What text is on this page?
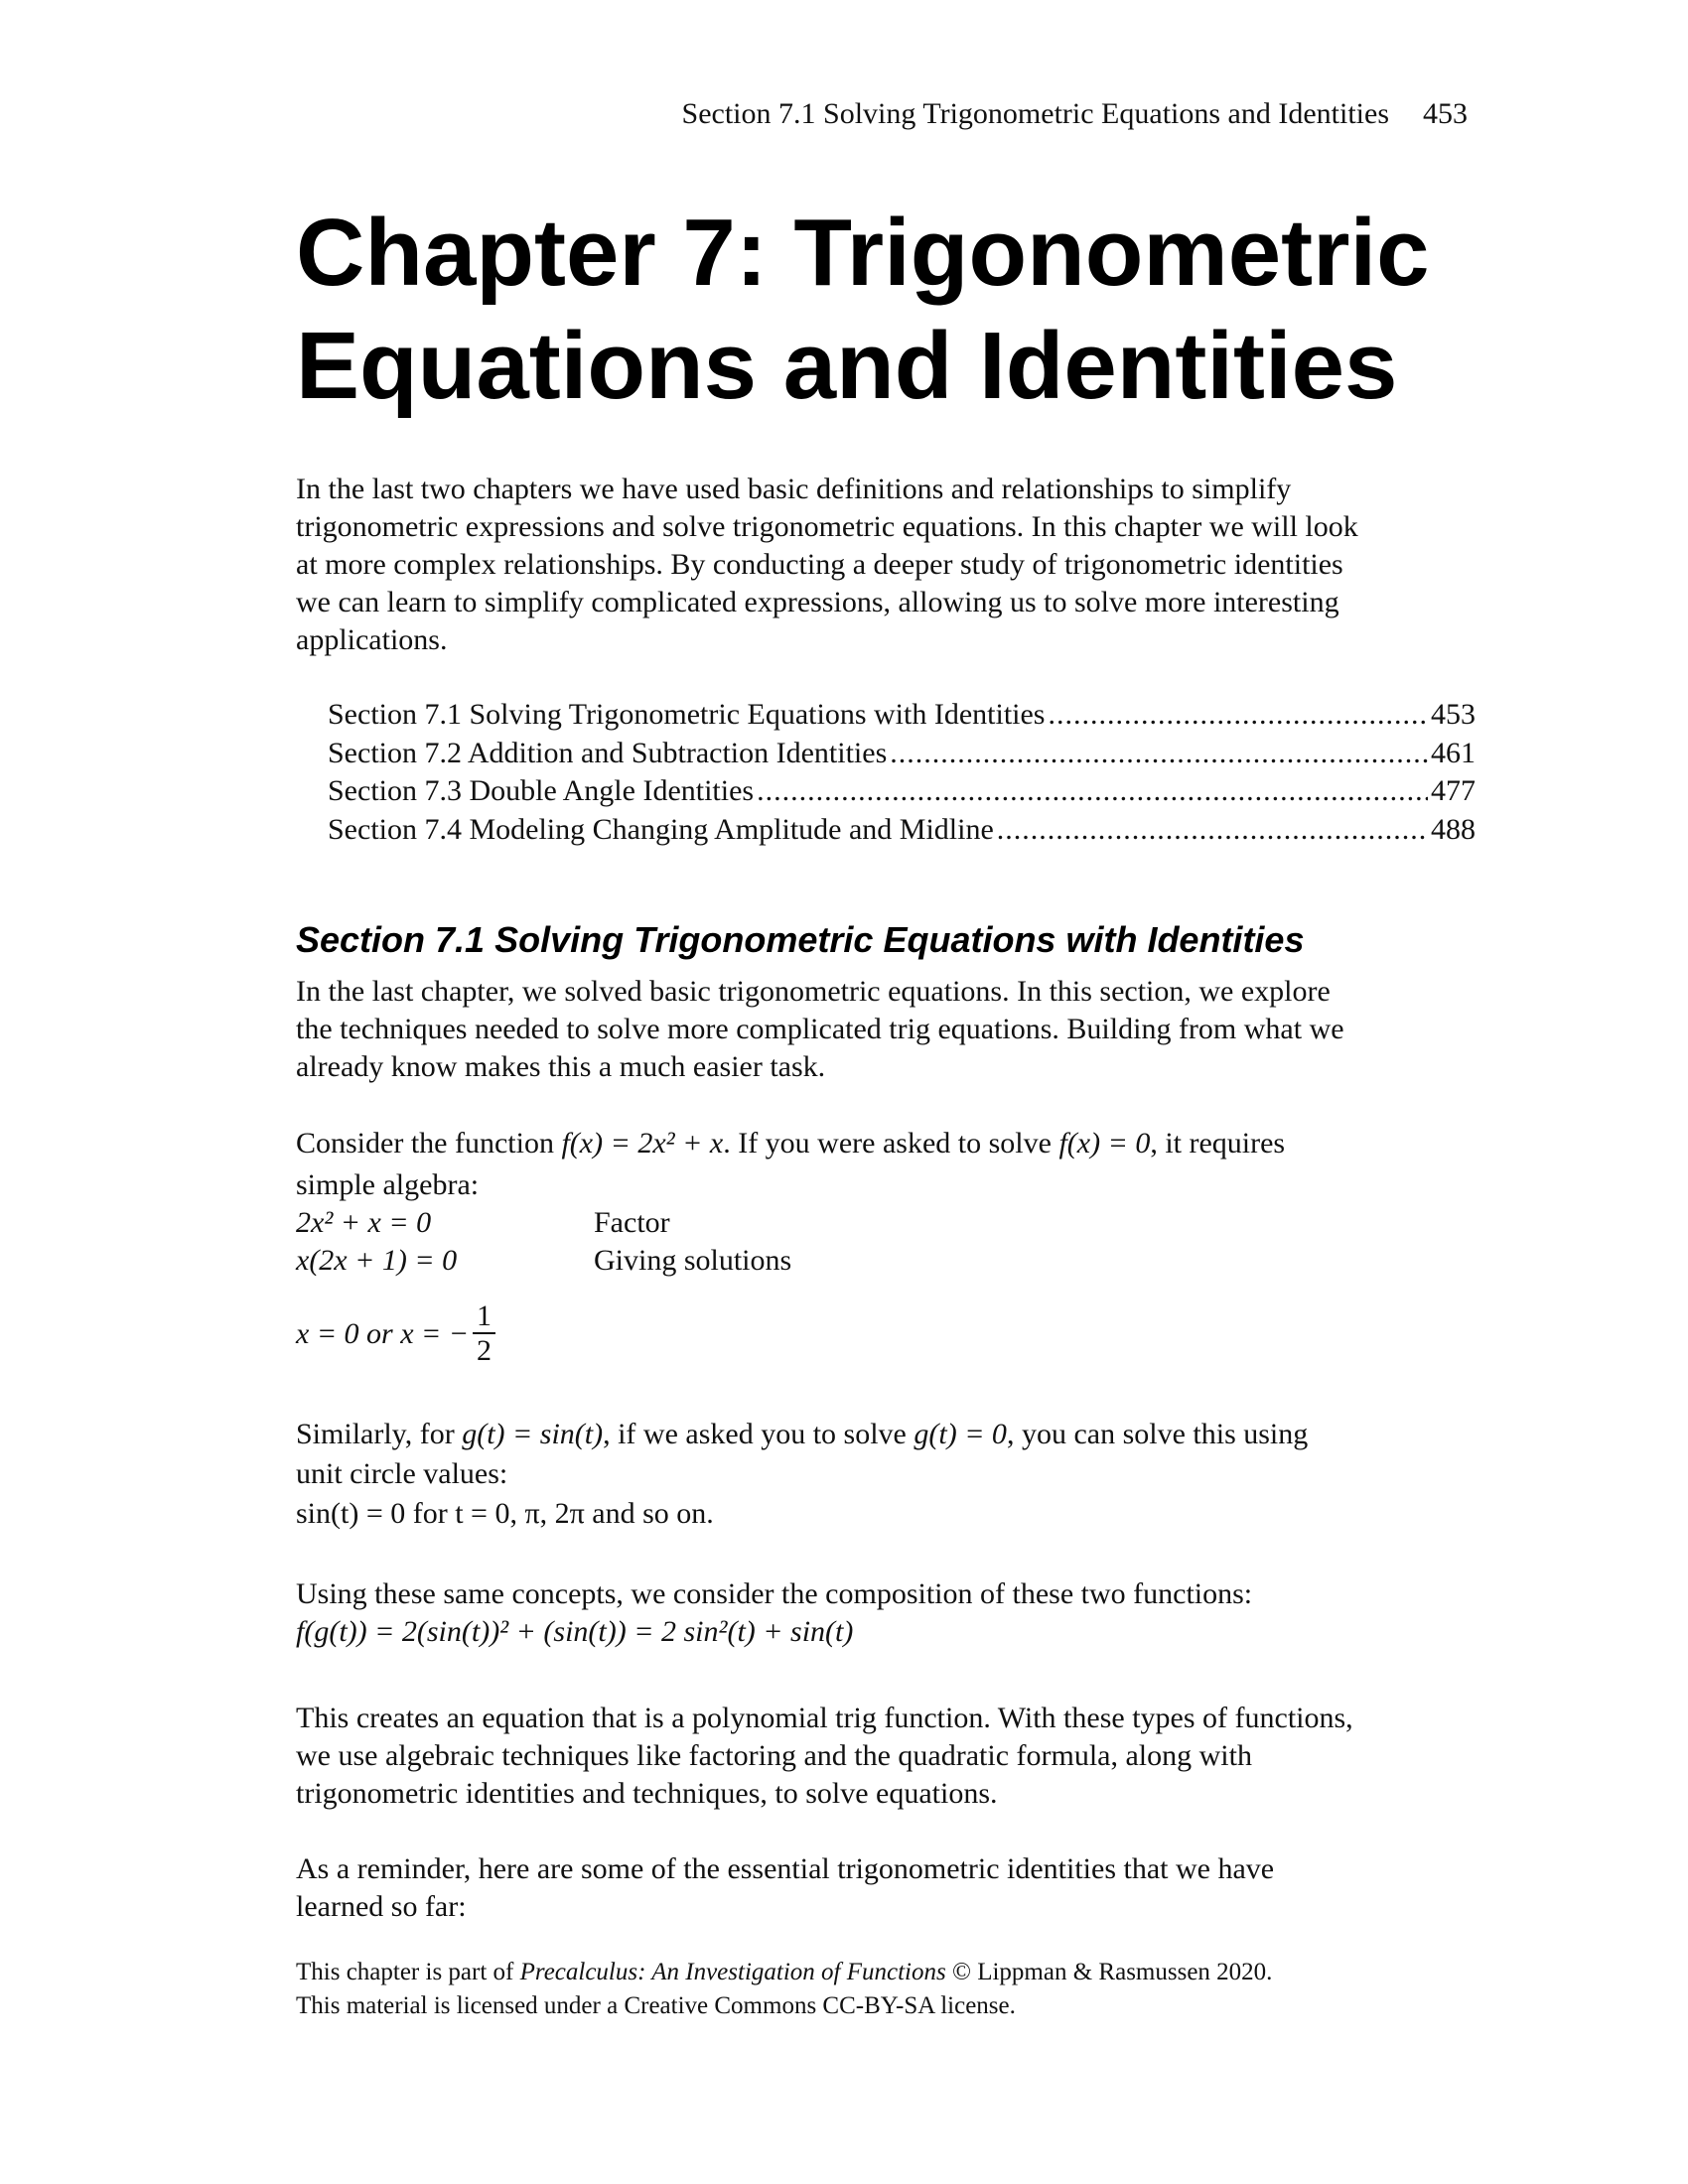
Section 7.1 Solving Trigonometric Equations and Identities 453
Chapter 7: Trigonometric
Equations and Identities
In the last two chapters we have used basic definitions and relationships to simplify
trigonometric expressions and solve trigonometric equations. In this chapter we will look
at more complex relationships. By conducting a deeper study of trigonometric identities
we can learn to simplify complicated expressions, allowing us to solve more interesting
applications.
Section 7.1 Solving Trigonometric Equations with Identities .....	453
Section 7.2 Addition and Subtraction Identities .....	461
Section 7.3 Double Angle Identities .....	477
Section 7.4 Modeling Changing Amplitude and Midline .....	488
Section 7.1 Solving Trigonometric Equations with Identities
In the last chapter, we solved basic trigonometric equations. In this section, we explore
the techniques needed to solve more complicated trig equations. Building from what we
already know makes this a much easier task.
Consider the function f(x) = 2x² + x. If you were asked to solve f(x) = 0, it requires
simple algebra:
2x² + x = 0	Factor
x(2x + 1) = 0	Giving solutions
x = 0 or x = − $\frac{1}{2}$
Similarly, for g(t) = sin(t), if we asked you to solve g(t) = 0, you can solve this using
unit circle values:
sin(t) = 0 for t = 0, π, 2π and so on.
Using these same concepts, we consider the composition of these two functions:
f(g(t)) = 2(sin(t))² + (sin(t)) = 2 sin²(t) + sin(t)
This creates an equation that is a polynomial trig function. With these types of functions,
we use algebraic techniques like factoring and the quadratic formula, along with
trigonometric identities and techniques, to solve equations.
As a reminder, here are some of the essential trigonometric identities that we have
learned so far:
This chapter is part of Precalculus: An Investigation of Functions © Lippman & Rasmussen 2020.
This material is licensed under a Creative Commons CC-BY-SA license.
